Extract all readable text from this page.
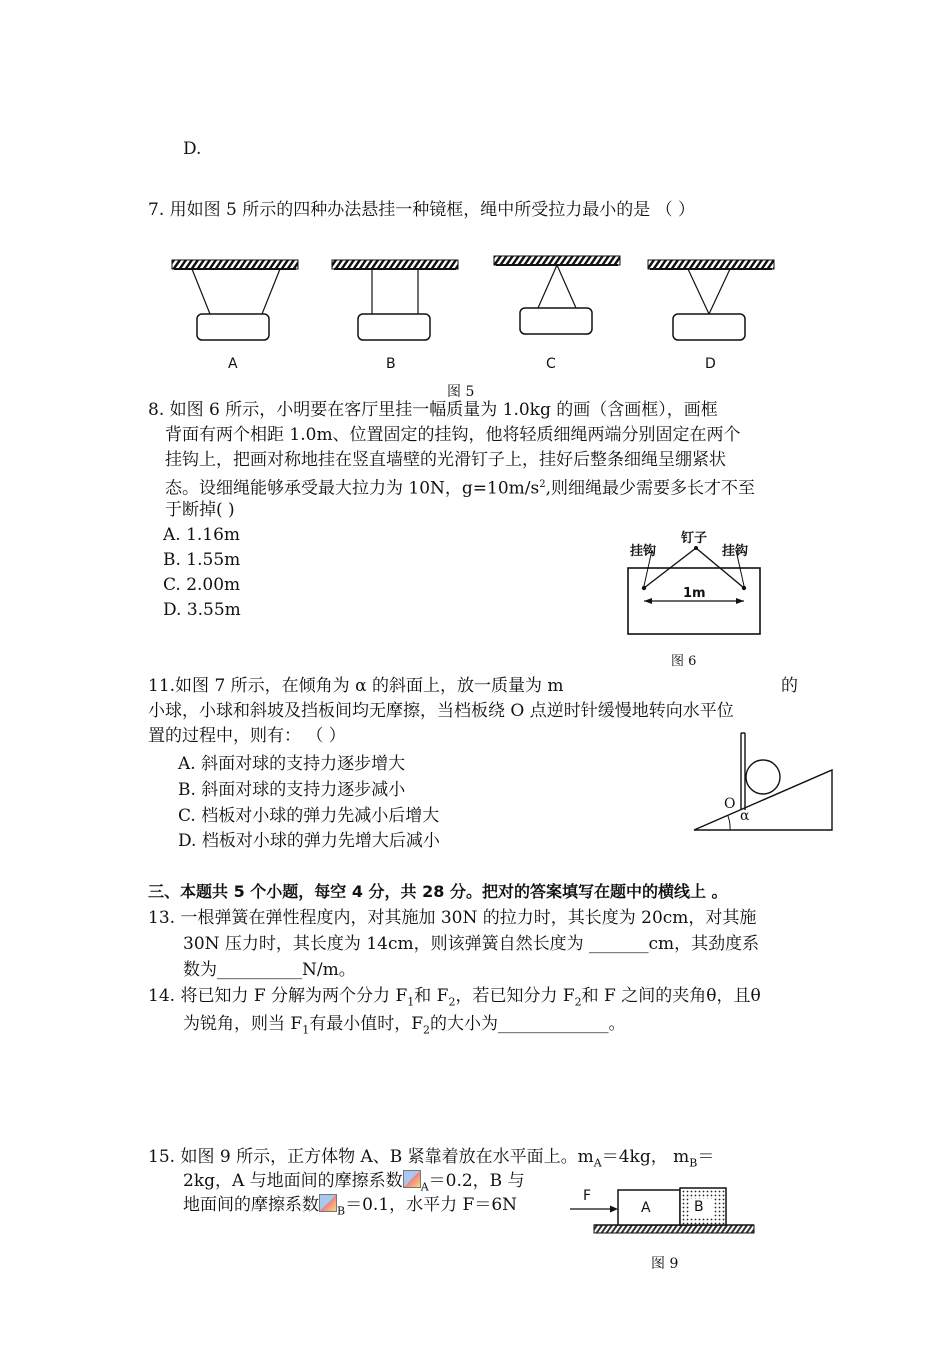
D.
7. 用如图 5 所示的四种办法悬挂一种镜框，绳中所受拉力最小的是 （ ）
A	B	C	D
图 5
8. 如图 6 所示，小明要在客厅里挂一幅质量为 1.0kg 的画（含画框），画框
背面有两个相距 1.0m、位置固定的挂钩，他将轻质细绳两端分别固定在两个
挂钩上，把画对称地挂在竖直墙壁的光滑钉子上，挂好后整条细绳呈绷紧状
态。设细绳能够承受最大拉力为 10N，$g=10m/s^2$,则细绳最少需要多长才不至
于断掉( )
A. 1.16m
B. 1.55m
C. 2.00m
D. 3.55m
挂钩
钉子
挂钩
1m
图 6
11.如图 7 所示，在倾角为 α 的斜面上，放一质量为 m	的
小球，小球和斜坡及挡板间均无摩擦，当档板绕 O 点逆时针缓慢地转向水平位
置的过程中，则有： （ ）
A. 斜面对球的支持力逐步增大
B. 斜面对球的支持力逐步减小
C. 档板对小球的弹力先减小后增大
D. 档板对小球的弹力先增大后减小
O
α
三、本题共 5 个小题，每空 4 分，共 28 分。把对的答案填写在题中的横线上 。
13. 一根弹簧在弹性程度内，对其施加 30N 的拉力时，其长度为 20cm，对其施
30N 压力时，其长度为 14cm，则该弹簧自然长度为 _______cm，其劲度系
数为__________N/m。
14. 将已知力 F 分解为两个分力 $F_1$和 $F_2$，若已知分力 $F_2$和 F 之间的夹角θ，且θ
为锐角，则当 $F_1$有最小值时，$F_2$的大小为_____________。
15. 如图 9 所示，正方体物 A、B 紧靠着放在水平面上。$m_A=4kg$， $m_B=$
2kg，A 与地面间的摩擦系数 $_A$＝0.2，B 与
地面间的摩擦系数 $_B$＝0.1，水平力 F＝6N	F
A	B
图 9
